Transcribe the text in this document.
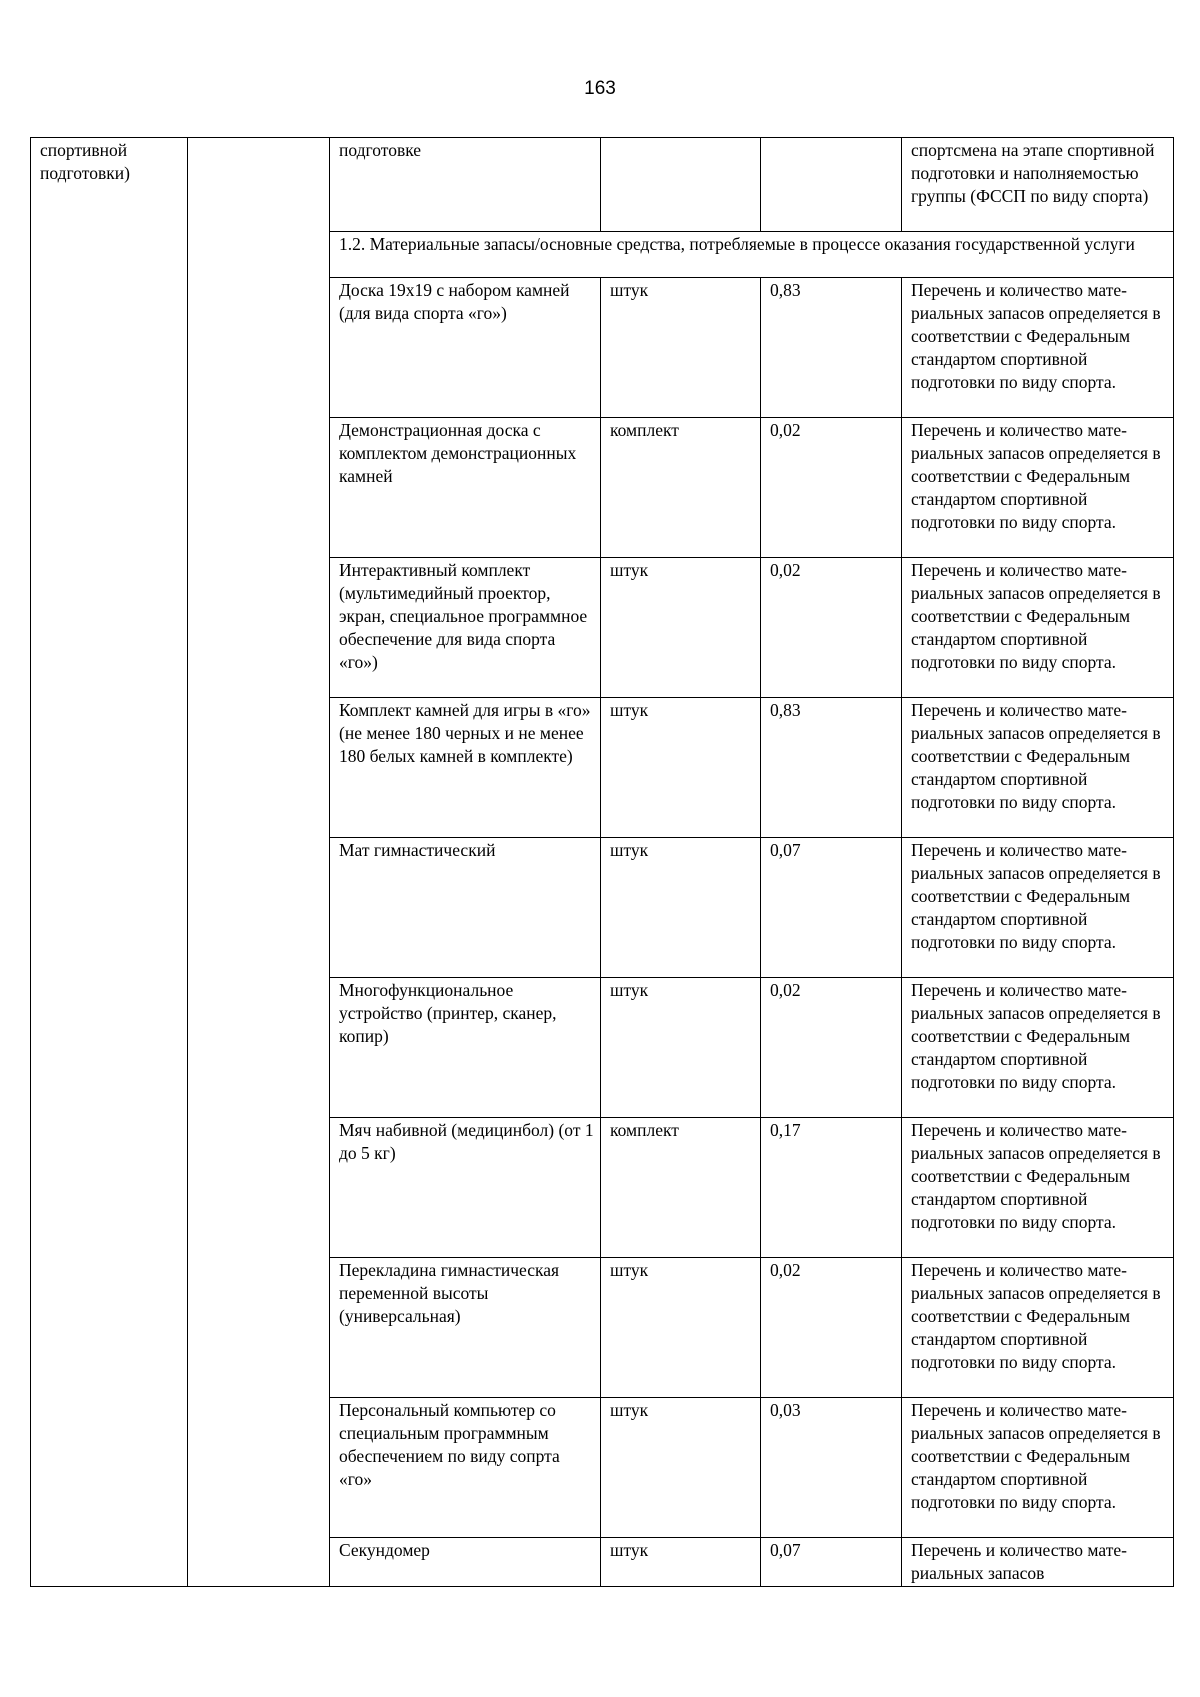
163
спортивной подготовки)		подготовке			спортсмена на этапе спортивной подготовки и наполняемостью группы (ФССП по виду спорта)
		1.2. Материальные запасы/основные средства, потребляемые в процессе оказания государственной услуги			
		Доска 19х19 с набором камней (для вида спорта «го»)	штук	0,83	Перечень и количество материальных запасов определяется в соответствии с Федеральным стандартом спортивной подготовки по виду спорта.
		Демонстрационная доска с комплектом демонстрационных камней	комплект	0,02	Перечень и количество материальных запасов определяется в соответствии с Федеральным стандартом спортивной подготовки по виду спорта.
		Интерактивный комплект (мультимедийный проектор, экран, специальное программное обеспечение для вида спорта «го»)	штук	0,02	Перечень и количество материальных запасов определяется в соответствии с Федеральным стандартом спортивной подготовки по виду спорта.
		Комплект камней для игры в «го» (не менее 180 черных и не менее 180 белых камней в комплекте)	штук	0,83	Перечень и количество материальных запасов определяется в соответствии с Федеральным стандартом спортивной подготовки по виду спорта.
		Мат гимнастический	штук	0,07	Перечень и количество материальных запасов определяется в соответствии с Федеральным стандартом спортивной подготовки по виду спорта.
		Многофункциональное устройство (принтер, сканер, копир)	штук	0,02	Перечень и количество материальных запасов определяется в соответствии с Федеральным стандартом спортивной подготовки по виду спорта.
		Мяч набивной (медицинбол) (от 1 до 5 кг)	комплект	0,17	Перечень и количество материальных запасов определяется в соответствии с Федеральным стандартом спортивной подготовки по виду спорта.
		Перекладина гимнастическая переменной высоты (универсальная)	штук	0,02	Перечень и количество материальных запасов определяется в соответствии с Федеральным стандартом спортивной подготовки по виду спорта.
		Персональный компьютер со специальным программным обеспечением по виду сопрта «го»	штук	0,03	Перечень и количество материальных запасов определяется в соответствии с Федеральным стандартом спортивной подготовки по виду спорта.
		Секундомер	штук	0,07	Перечень и количество материальных запасов
